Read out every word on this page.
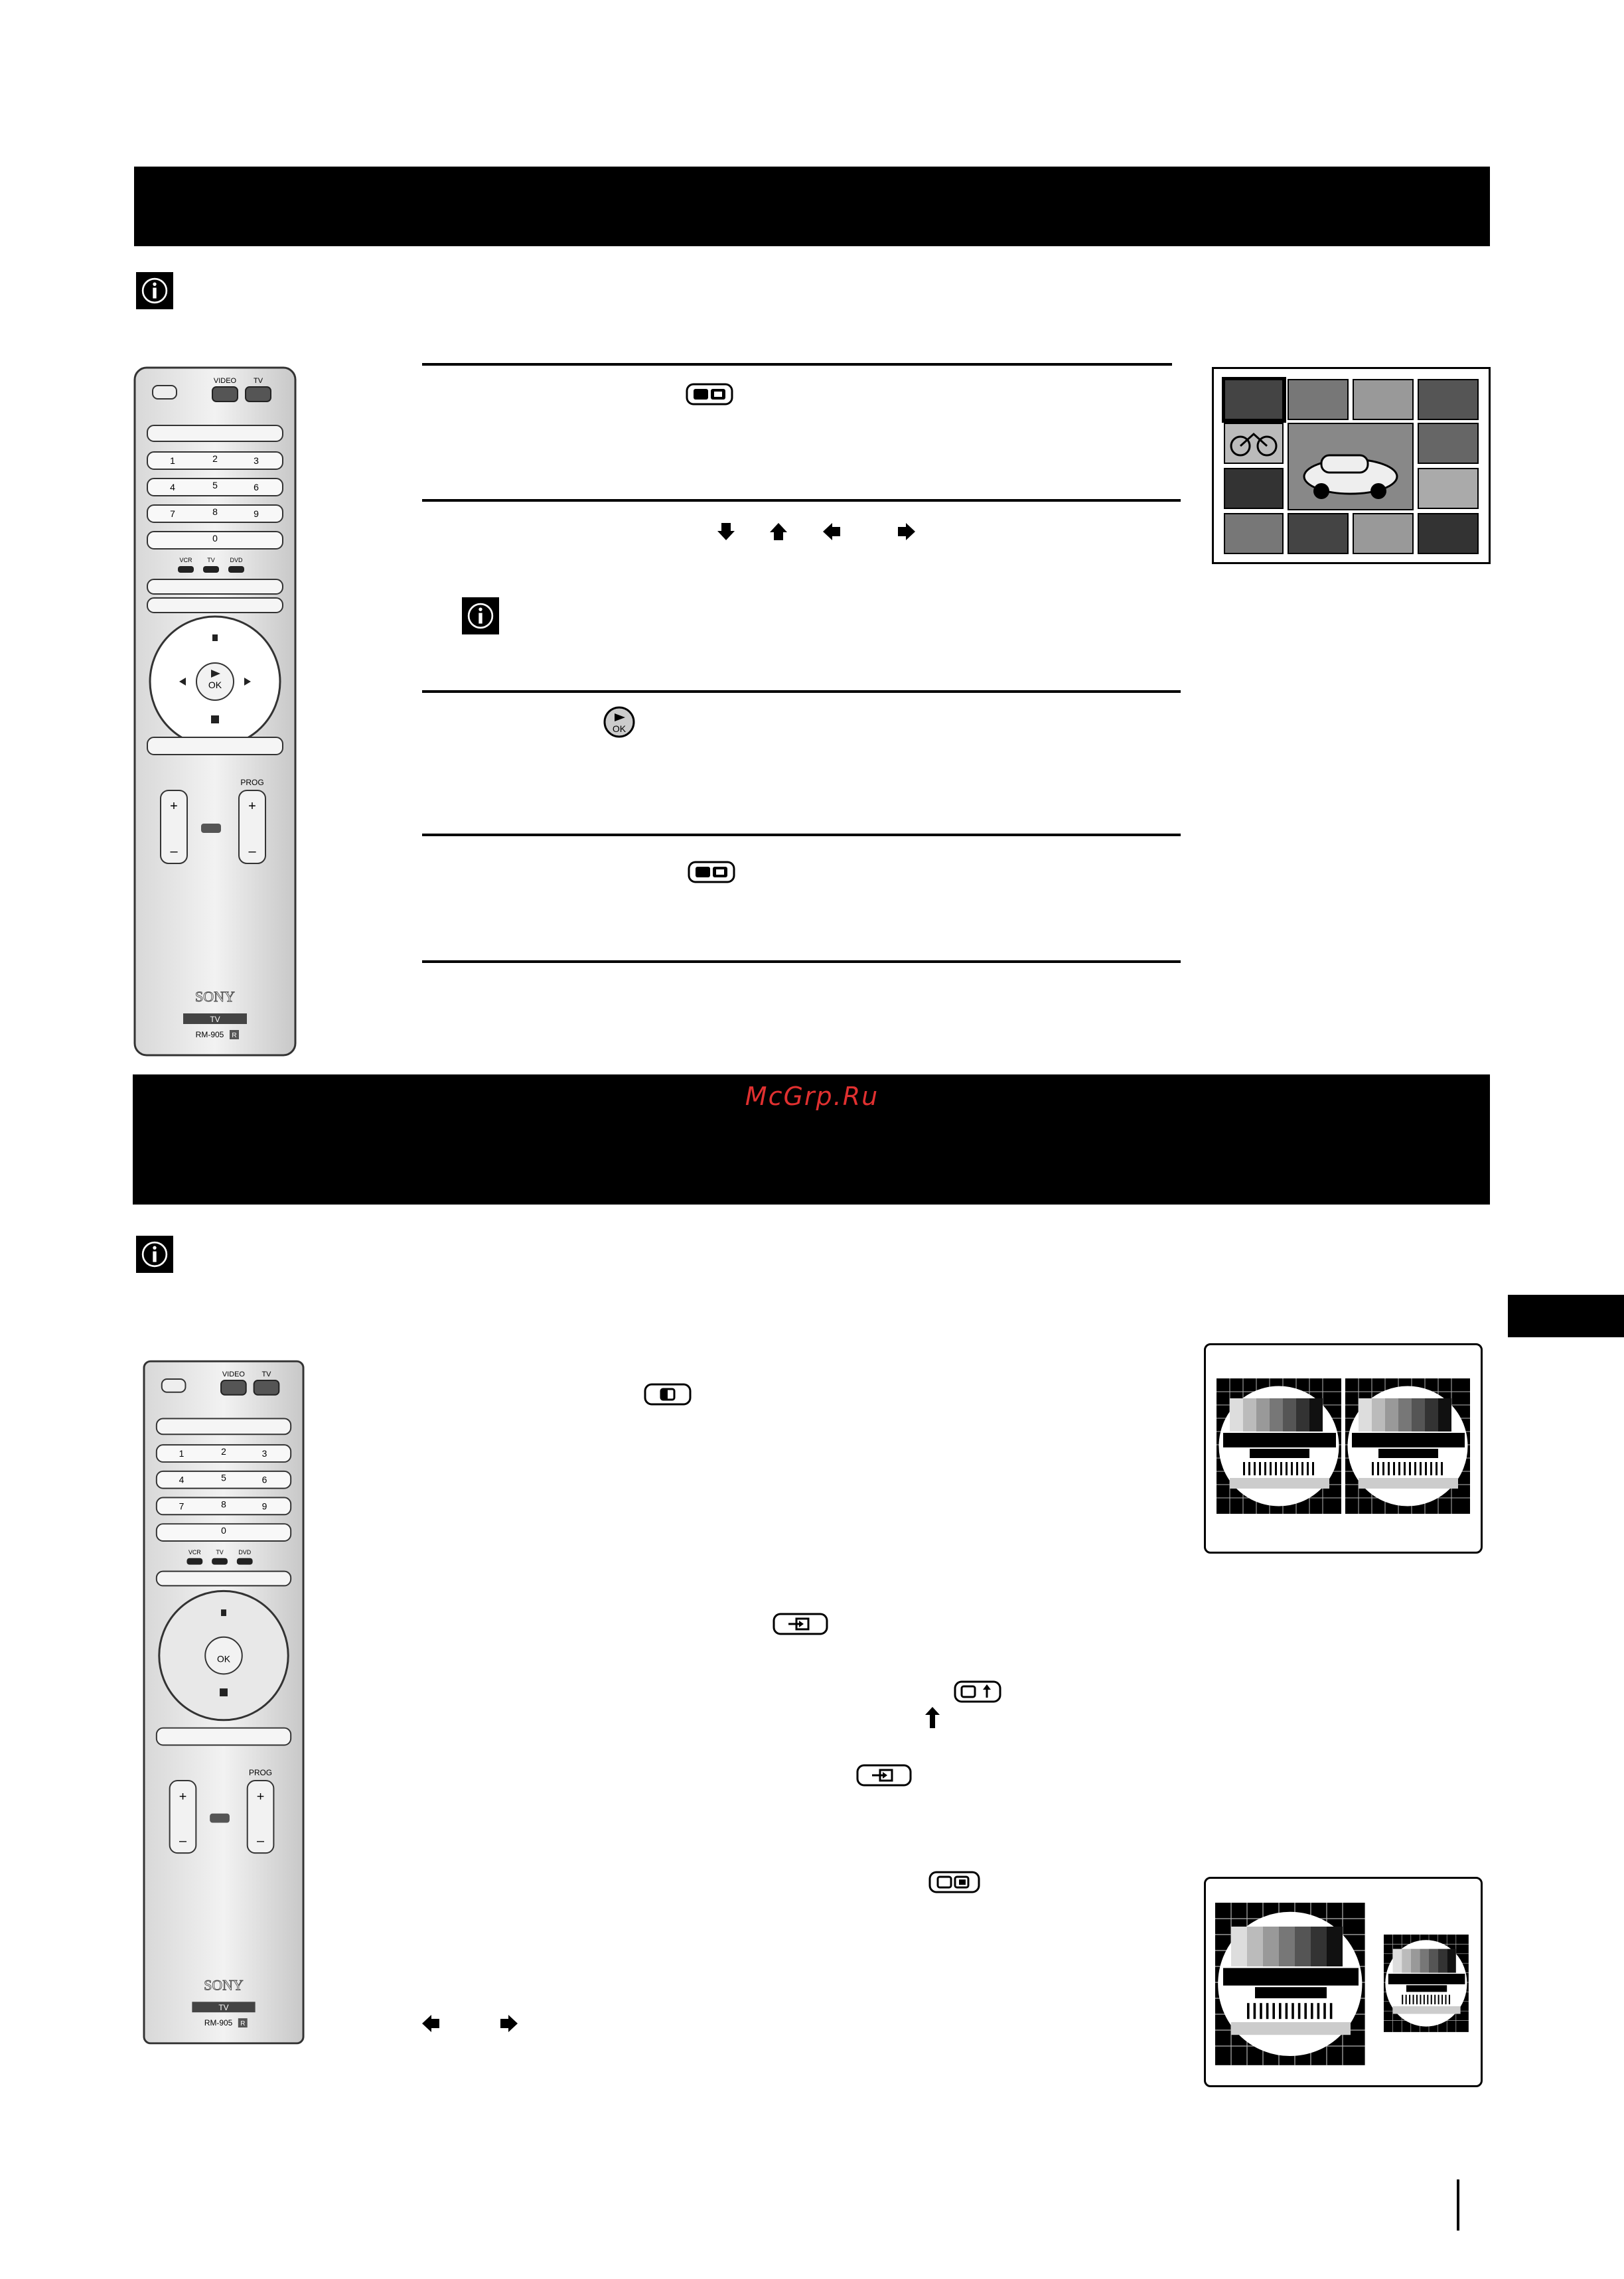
VIDEO TV
1	2	3
4	5	6
7	8	9
0
VCR	TV	DVD
OK
+
–
+
–
PROG
SONY
TV
RM-905 R
OK
McGrp.Ru
VIDEO TV
1	2	3
4	5	6
7	8	9
0
VCR	TV	DVD
OK
+
–
+
–
PROG
SONY
TV
RM-905 R
